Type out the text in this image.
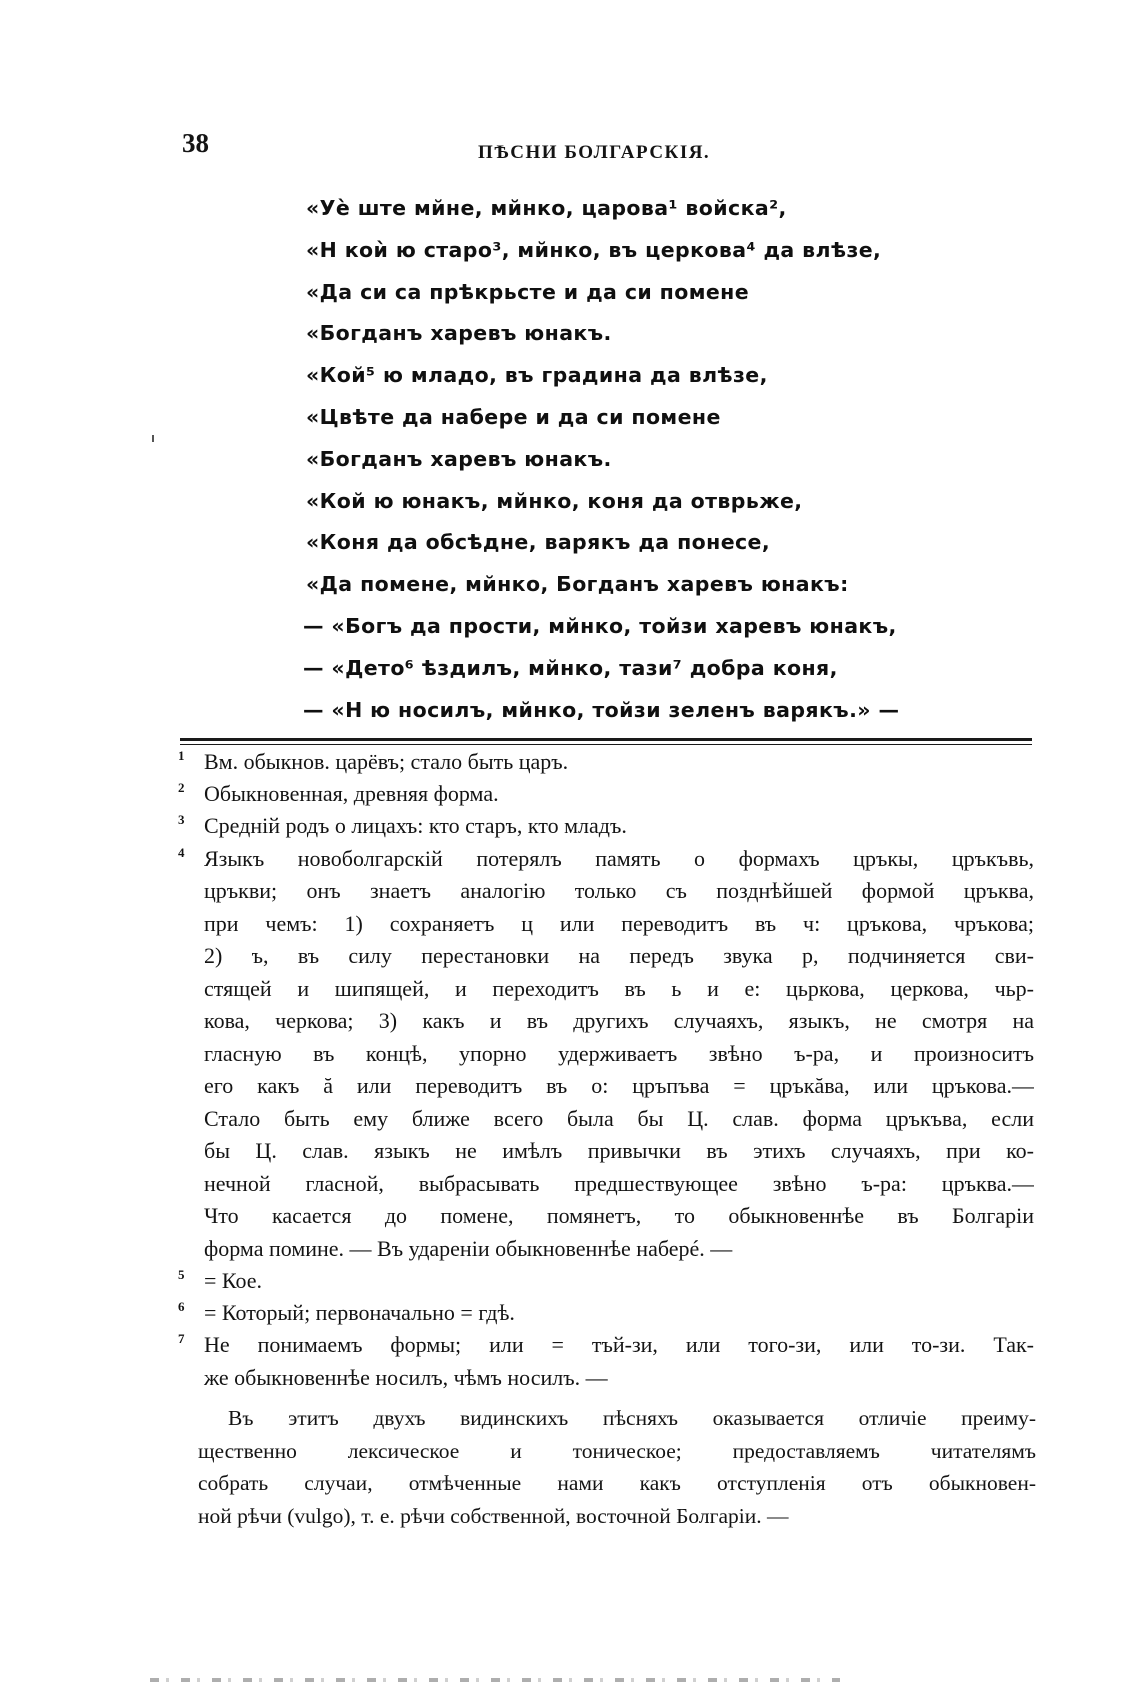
38	ПѢСНИ БОЛГАРСКІЯ.
«Уѐ ште мйне, мйнко, царова¹ войска²,
«Н коѝ ю старо³, мйнко, въ церкова⁴ да влѣзе,
«Да си са прѣкрьсте и да си помене
«Богданъ харевъ юнакъ.
«Кой⁵ ю младо, въ градина да влѣзе,
«Цвѣте да набере и да си помене
«Богданъ харевъ юнакъ.
«Кой ю юнакъ, мйнко, коня да отврьже,
«Коня да обсѣдне, варякъ да понесе,
«Да помене, мйнко, Богданъ харевъ юнакъ:
— «Богъ да прости, мйнко, тойзи харевъ юнакъ,
— «Дето⁶ ѣздилъ, мйнко, тази⁷ добра коня,
— «Н ю носилъ, мйнко, тойзи зеленъ варякъ.» —
1 Вм. обыкнов. царёвъ; стало быть царъ.
2 Обыкновенная, древняя форма.
3 Среднiй родъ о лицахъ: кто старъ, кто младъ.
4 Языкъ новоболгарскiй потерялъ память о формахъ цръкы, цръкъвь,
цръкви; онъ знаетъ аналогiю только съ позднѣйшей формой цръква,
при чемъ: 1) сохраняетъ ц или переводитъ въ ч: цръкова, чръкова;
2) ъ, въ силу перестановки на передъ звука р, подчиняется сви-
стящей и шипящей, и переходитъ въ ь и е: цьркова, церкова, чьр-
кова, черкова; 3) какъ и въ другихъ случаяхъ, языкъ, не смотря на
гласную въ концѣ, упорно удерживаетъ звѣно ъ-ра, и произноситъ
его какъ ă или переводитъ въ о: цръпъва = цръкăва, или цръкова.—
Стало быть ему ближе всего была бы Ц. слав. форма цръкъва, если
бы Ц. слав. языкъ не имѣлъ привычки въ этихъ случаяхъ, при ко-
нечной гласной, выбрасывать предшествующее звѣно ъ-ра: цръква.—
Что касается до помене, помянетъ, то обыкновеннѣе въ Болгарiи
форма помине. — Въ удареніи обыкновеннѣе наберé. —
5 = Кое.
6 = Который; первоначально = гдѣ.
7 Не понимаемъ формы; или = тъй-зи, или того-зи, или то-зи. Так-
же обыкновеннѣе носилъ, чѣмъ носилъ. —
Въ этитъ двухъ видинскихъ пѣсняхъ оказывается отличiе преиму-
щественно лексическое и тоническое; предоставляемъ читателямъ
собрать случаи, отмѣченные нами какъ отступленiя отъ обыкновен-
ной рѣчи (vulgo), т. е. рѣчи собственной, восточной Болгарiи. —
